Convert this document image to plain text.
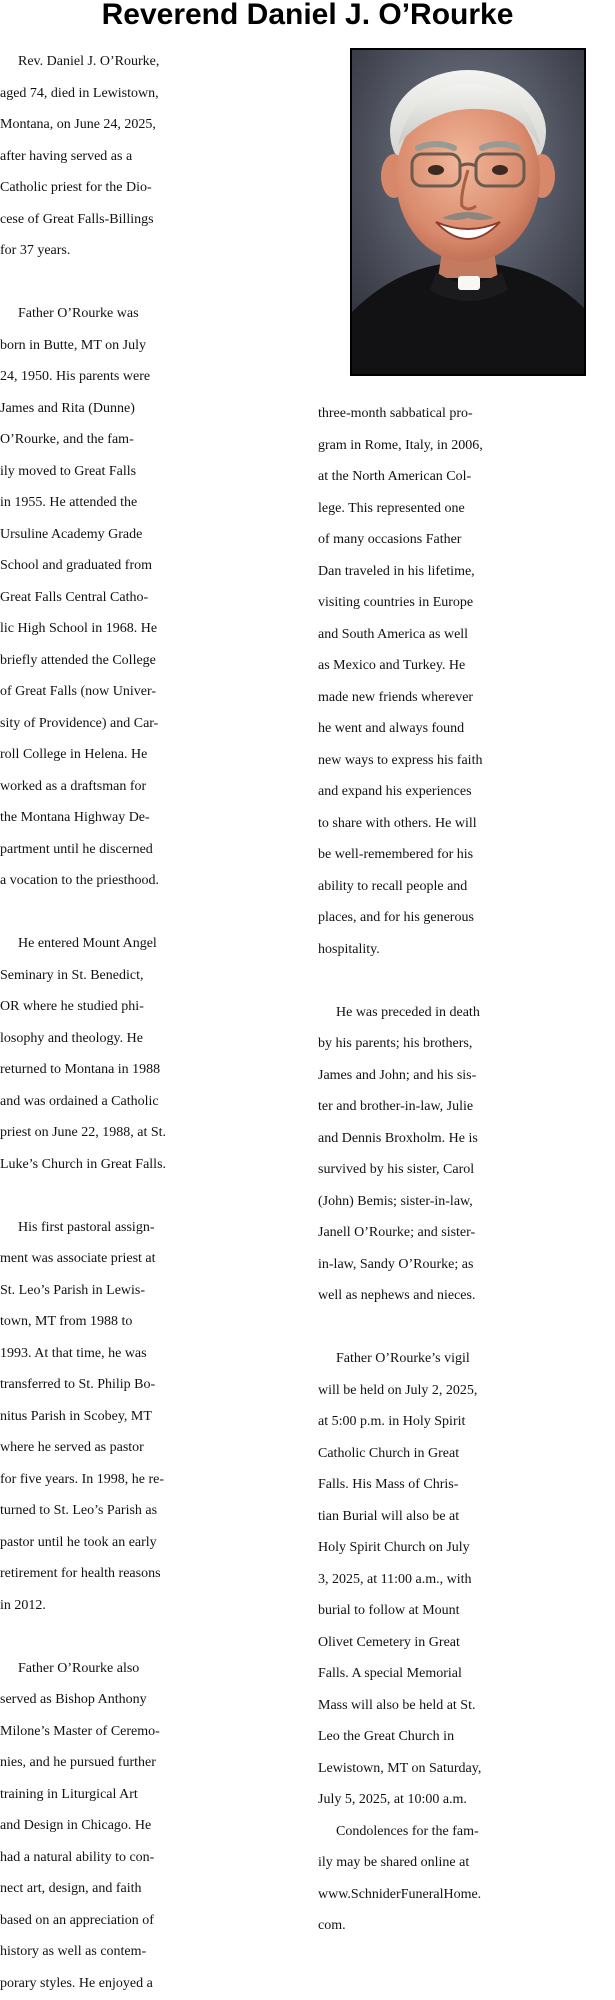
Reverend Daniel J. O’Rourke
Rev. Daniel J. O’Rourke,
aged 74, died in Lewistown,
Montana, on June 24, 2025,
after having served as a
Catholic priest for the Dio-
cese of Great Falls-Billings
for 37 years.
Father O’Rourke was
born in Butte, MT on July
24, 1950. His parents were
James and Rita (Dunne)
O’Rourke, and the fam-
ily moved to Great Falls
in 1955. He attended the
Ursuline Academy Grade
School and graduated from
Great Falls Central Catho-
lic High School in 1968. He
briefly attended the College
of Great Falls (now Univer-
sity of Providence) and Car-
roll College in Helena. He
worked as a draftsman for
the Montana Highway De-
partment until he discerned
a vocation to the priesthood.
He entered Mount Angel
Seminary in St. Benedict,
OR where he studied phi-
losophy and theology. He
returned to Montana in 1988
and was ordained a Catholic
priest on June 22, 1988, at St.
Luke’s Church in Great Falls.
His first pastoral assign-
ment was associate priest at
St. Leo’s Parish in Lewis-
town, MT from 1988 to
1993. At that time, he was
transferred to St. Philip Bo-
nitus Parish in Scobey, MT
where he served as pastor
for five years. In 1998, he re-
turned to St. Leo’s Parish as
pastor until he took an early
retirement for health reasons
in 2012.
Father O’Rourke also
served as Bishop Anthony
Milone’s Master of Ceremo-
nies, and he pursued further
training in Liturgical Art
and Design in Chicago. He
had a natural ability to con-
nect art, design, and faith
based on an appreciation of
history as well as contem-
porary styles. He enjoyed a
three-month sabbatical pro-
gram in Rome, Italy, in 2006,
at the North American Col-
lege. This represented one
of many occasions Father
Dan traveled in his lifetime,
visiting countries in Europe
and South America as well
as Mexico and Turkey. He
made new friends wherever
he went and always found
new ways to express his faith
and expand his experiences
to share with others. He will
be well-remembered for his
ability to recall people and
places, and for his generous
hospitality.
He was preceded in death
by his parents; his brothers,
James and John; and his sis-
ter and brother-in-law, Julie
and Dennis Broxholm. He is
survived by his sister, Carol
(John) Bemis; sister-in-law,
Janell O’Rourke; and sister-
in-law, Sandy O’Rourke; as
well as nephews and nieces.
Father O’Rourke’s vigil
will be held on July 2, 2025,
at 5:00 p.m. in Holy Spirit
Catholic Church in Great
Falls. His Mass of Chris-
tian Burial will also be at
Holy Spirit Church on July
3, 2025, at 11:00 a.m., with
burial to follow at Mount
Olivet Cemetery in Great
Falls. A special Memorial
Mass will also be held at St.
Leo the Great Church in
Lewistown, MT on Saturday,
July 5, 2025, at 10:00 a.m.
Condolences for the fam-
ily may be shared online at
www.SchniderFuneralHome.
com.
